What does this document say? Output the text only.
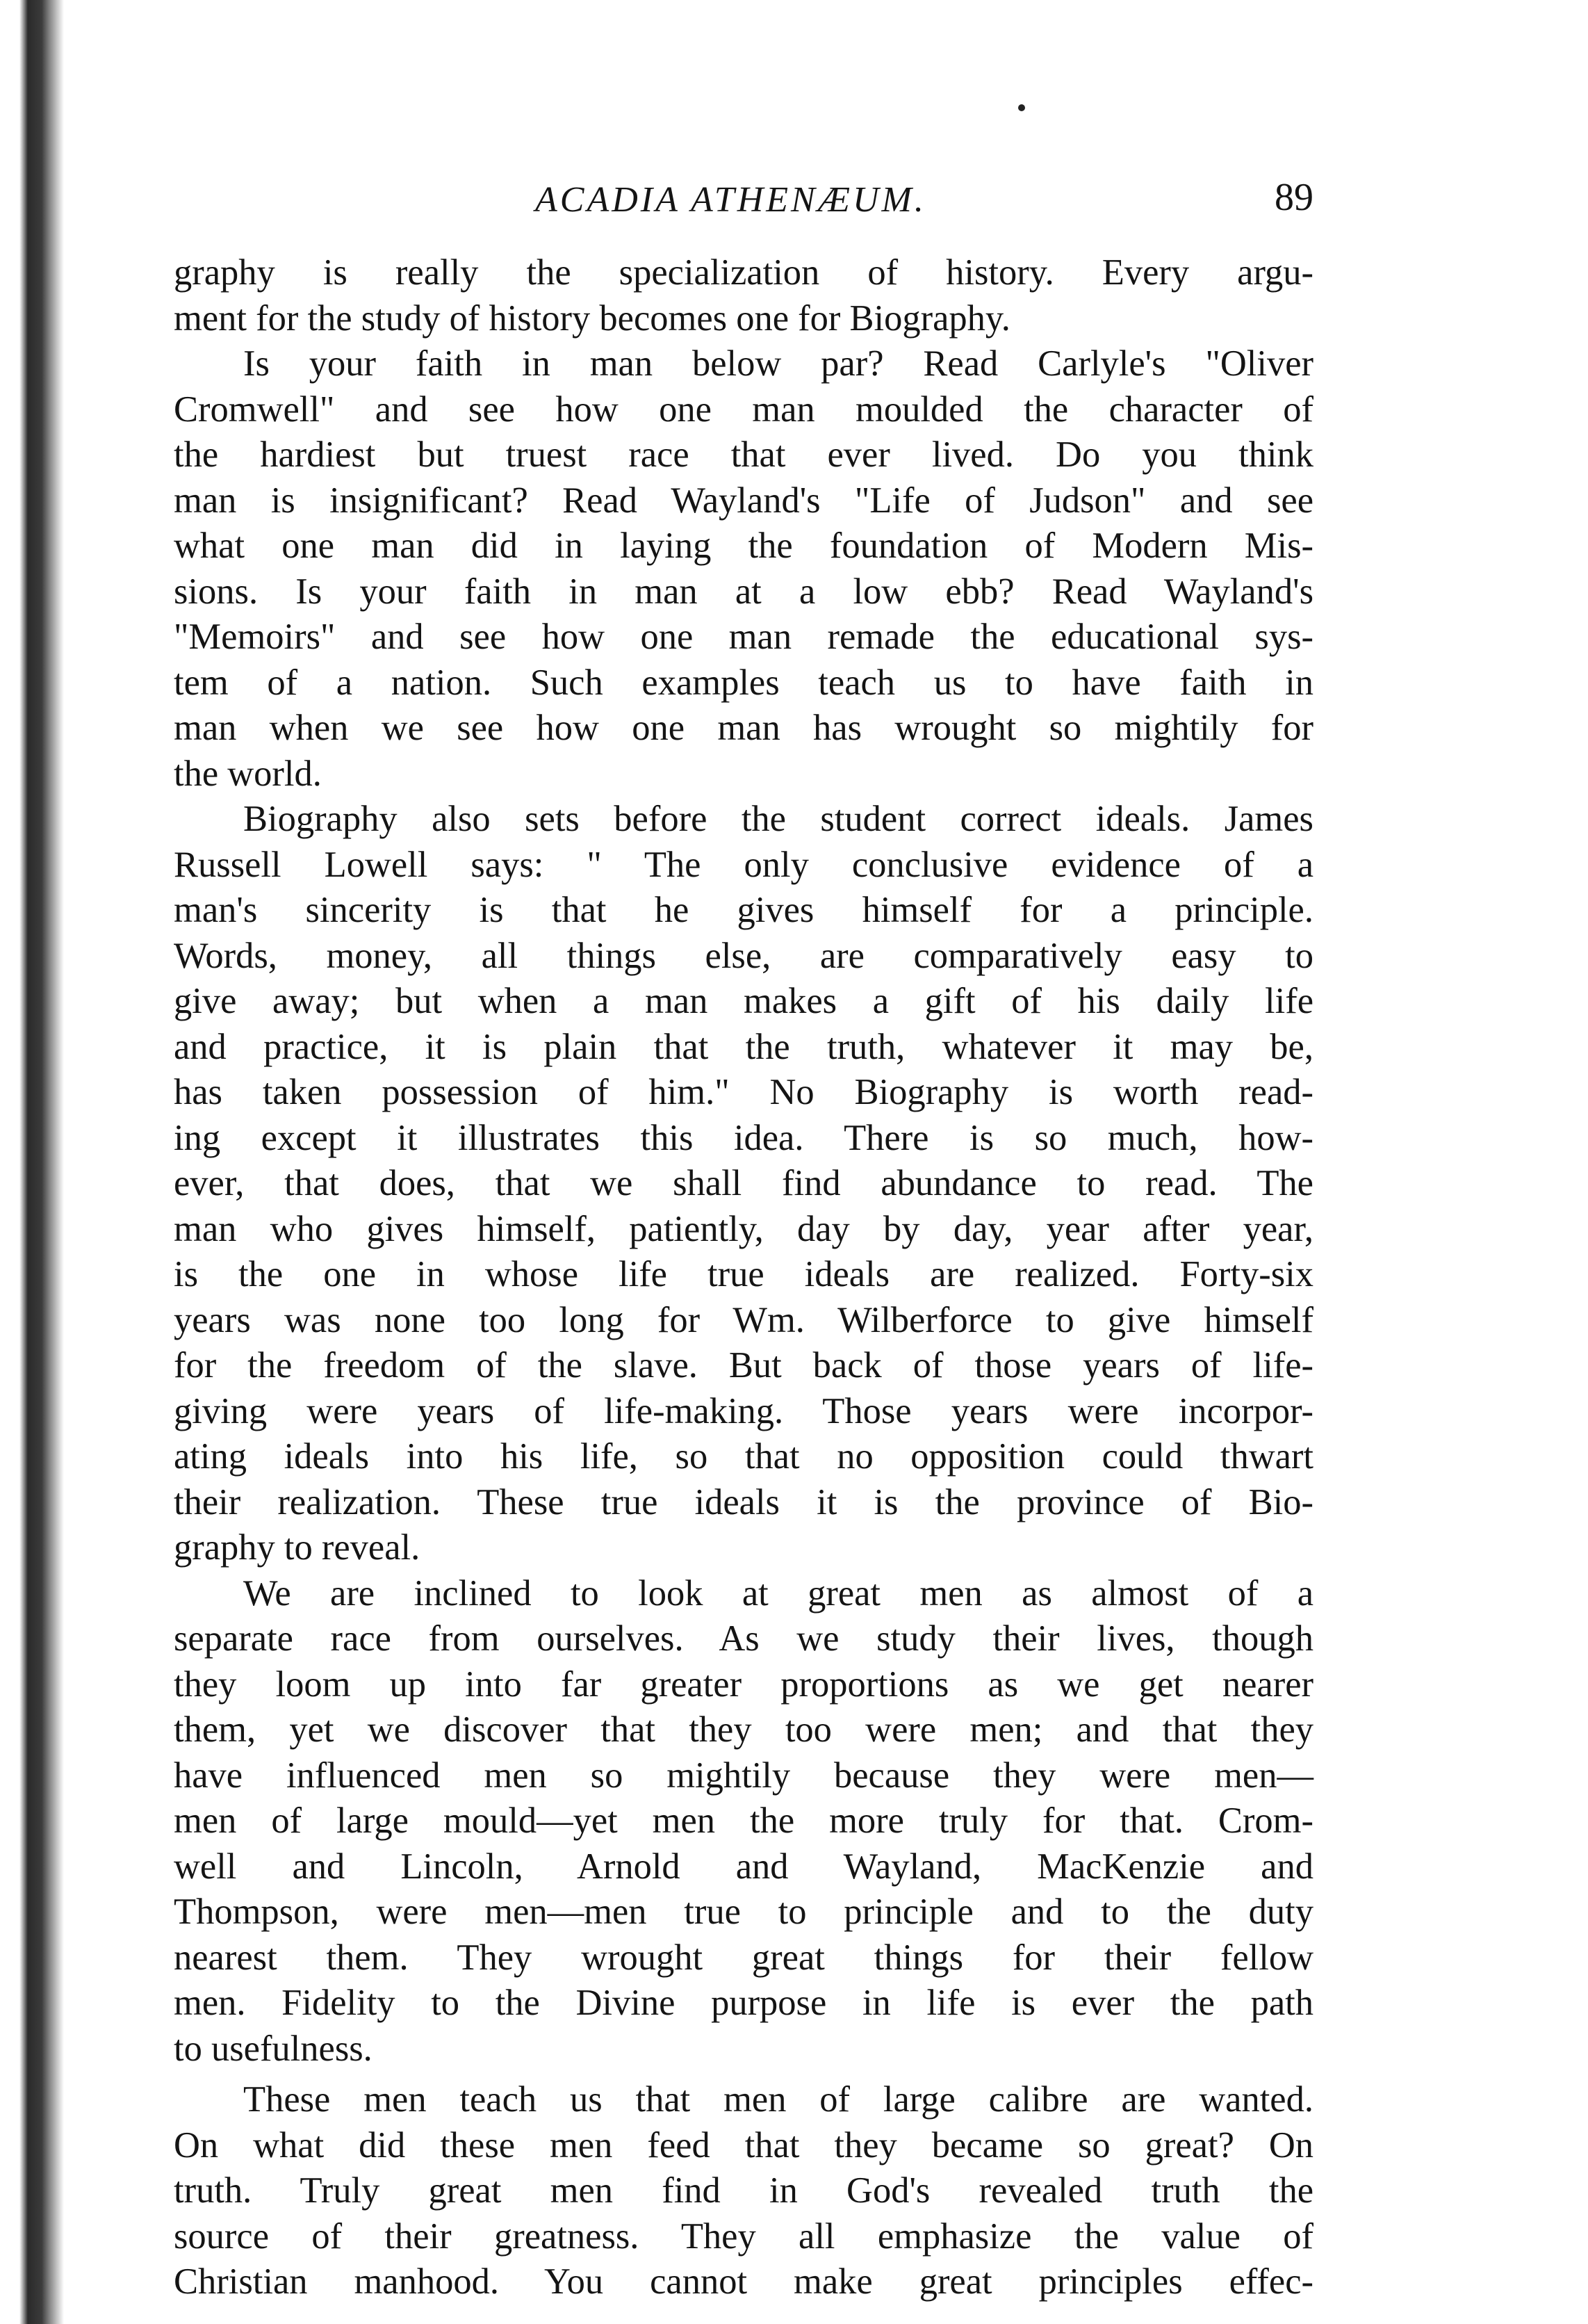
ACADIA ATHENÆUM.	89
graphy is really the specialization of history. Every argu-
ment for the study of history becomes one for Biography.
Is your faith in man below par? Read Carlyle's "Oliver
Cromwell" and see how one man moulded the character of
the hardiest but truest race that ever lived. Do you think
man is insignificant? Read Wayland's "Life of Judson" and see
what one man did in laying the foundation of Modern Mis-
sions. Is your faith in man at a low ebb? Read Wayland's
"Memoirs" and see how one man remade the educational sys-
tem of a nation. Such examples teach us to have faith in
man when we see how one man has wrought so mightily for
the world.
Biography also sets before the student correct ideals. James
Russell Lowell says: " The only conclusive evidence of a
man's sincerity is that he gives himself for a principle.
Words, money, all things else, are comparatively easy to
give away; but when a man makes a gift of his daily life
and practice, it is plain that the truth, whatever it may be,
has taken possession of him." No Biography is worth read-
ing except it illustrates this idea. There is so much, how-
ever, that does, that we shall find abundance to read. The
man who gives himself, patiently, day by day, year after year,
is the one in whose life true ideals are realized. Forty-six
years was none too long for Wm. Wilberforce to give himself
for the freedom of the slave. But back of those years of life-
giving were years of life-making. Those years were incorpor-
ating ideals into his life, so that no opposition could thwart
their realization. These true ideals it is the province of Bio-
graphy to reveal.
We are inclined to look at great men as almost of a
separate race from ourselves. As we study their lives, though
they loom up into far greater proportions as we get nearer
them, yet we discover that they too were men; and that they
have influenced men so mightily because they were men—
men of large mould—yet men the more truly for that. Crom-
well and Lincoln, Arnold and Wayland, MacKenzie and
Thompson, were men—men true to principle and to the duty
nearest them. They wrought great things for their fellow
men. Fidelity to the Divine purpose in life is ever the path
to usefulness.
These men teach us that men of large calibre are wanted.
On what did these men feed that they became so great? On
truth. Truly great men find in God's revealed truth the
source of their greatness. They all emphasize the value of
Christian manhood. You cannot make great principles effec-
